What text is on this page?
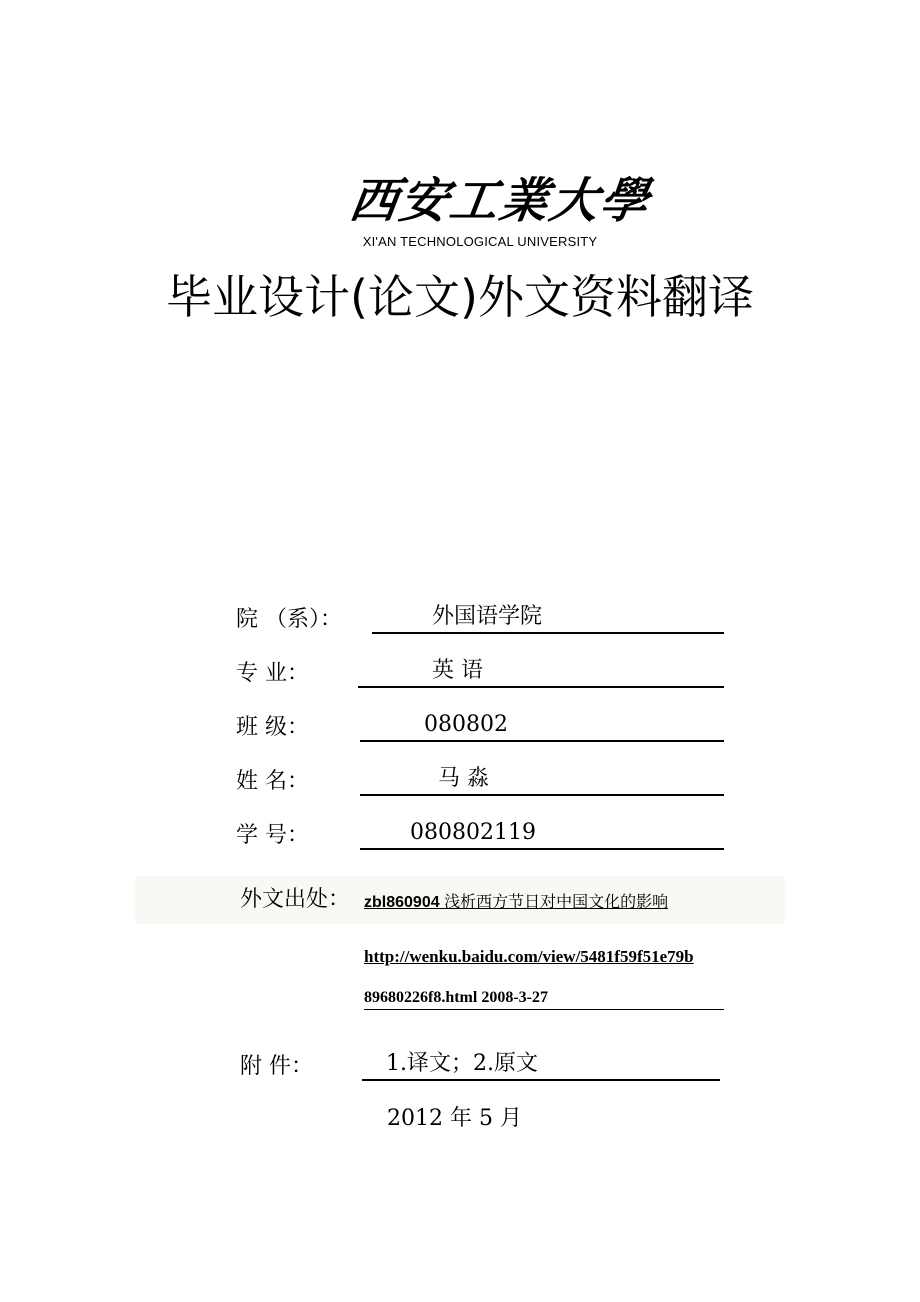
西安工業大學
XI'AN TECHNOLOGICAL UNIVERSITY
毕业设计(论文)外文资料翻译
院 （系）：	外国语学院
专 业：	英 语
班 级：	080802
姓 名：	马 淼
学 号：	080802119
外文出处： zbl860904 浅析西方节日对中国文化的影响
http://wenku.baidu.com/view/5481f59f51e79b
89680226f8.html 2008-3-27
附 件：	1.译文；2.原文
2012 年 5 月
